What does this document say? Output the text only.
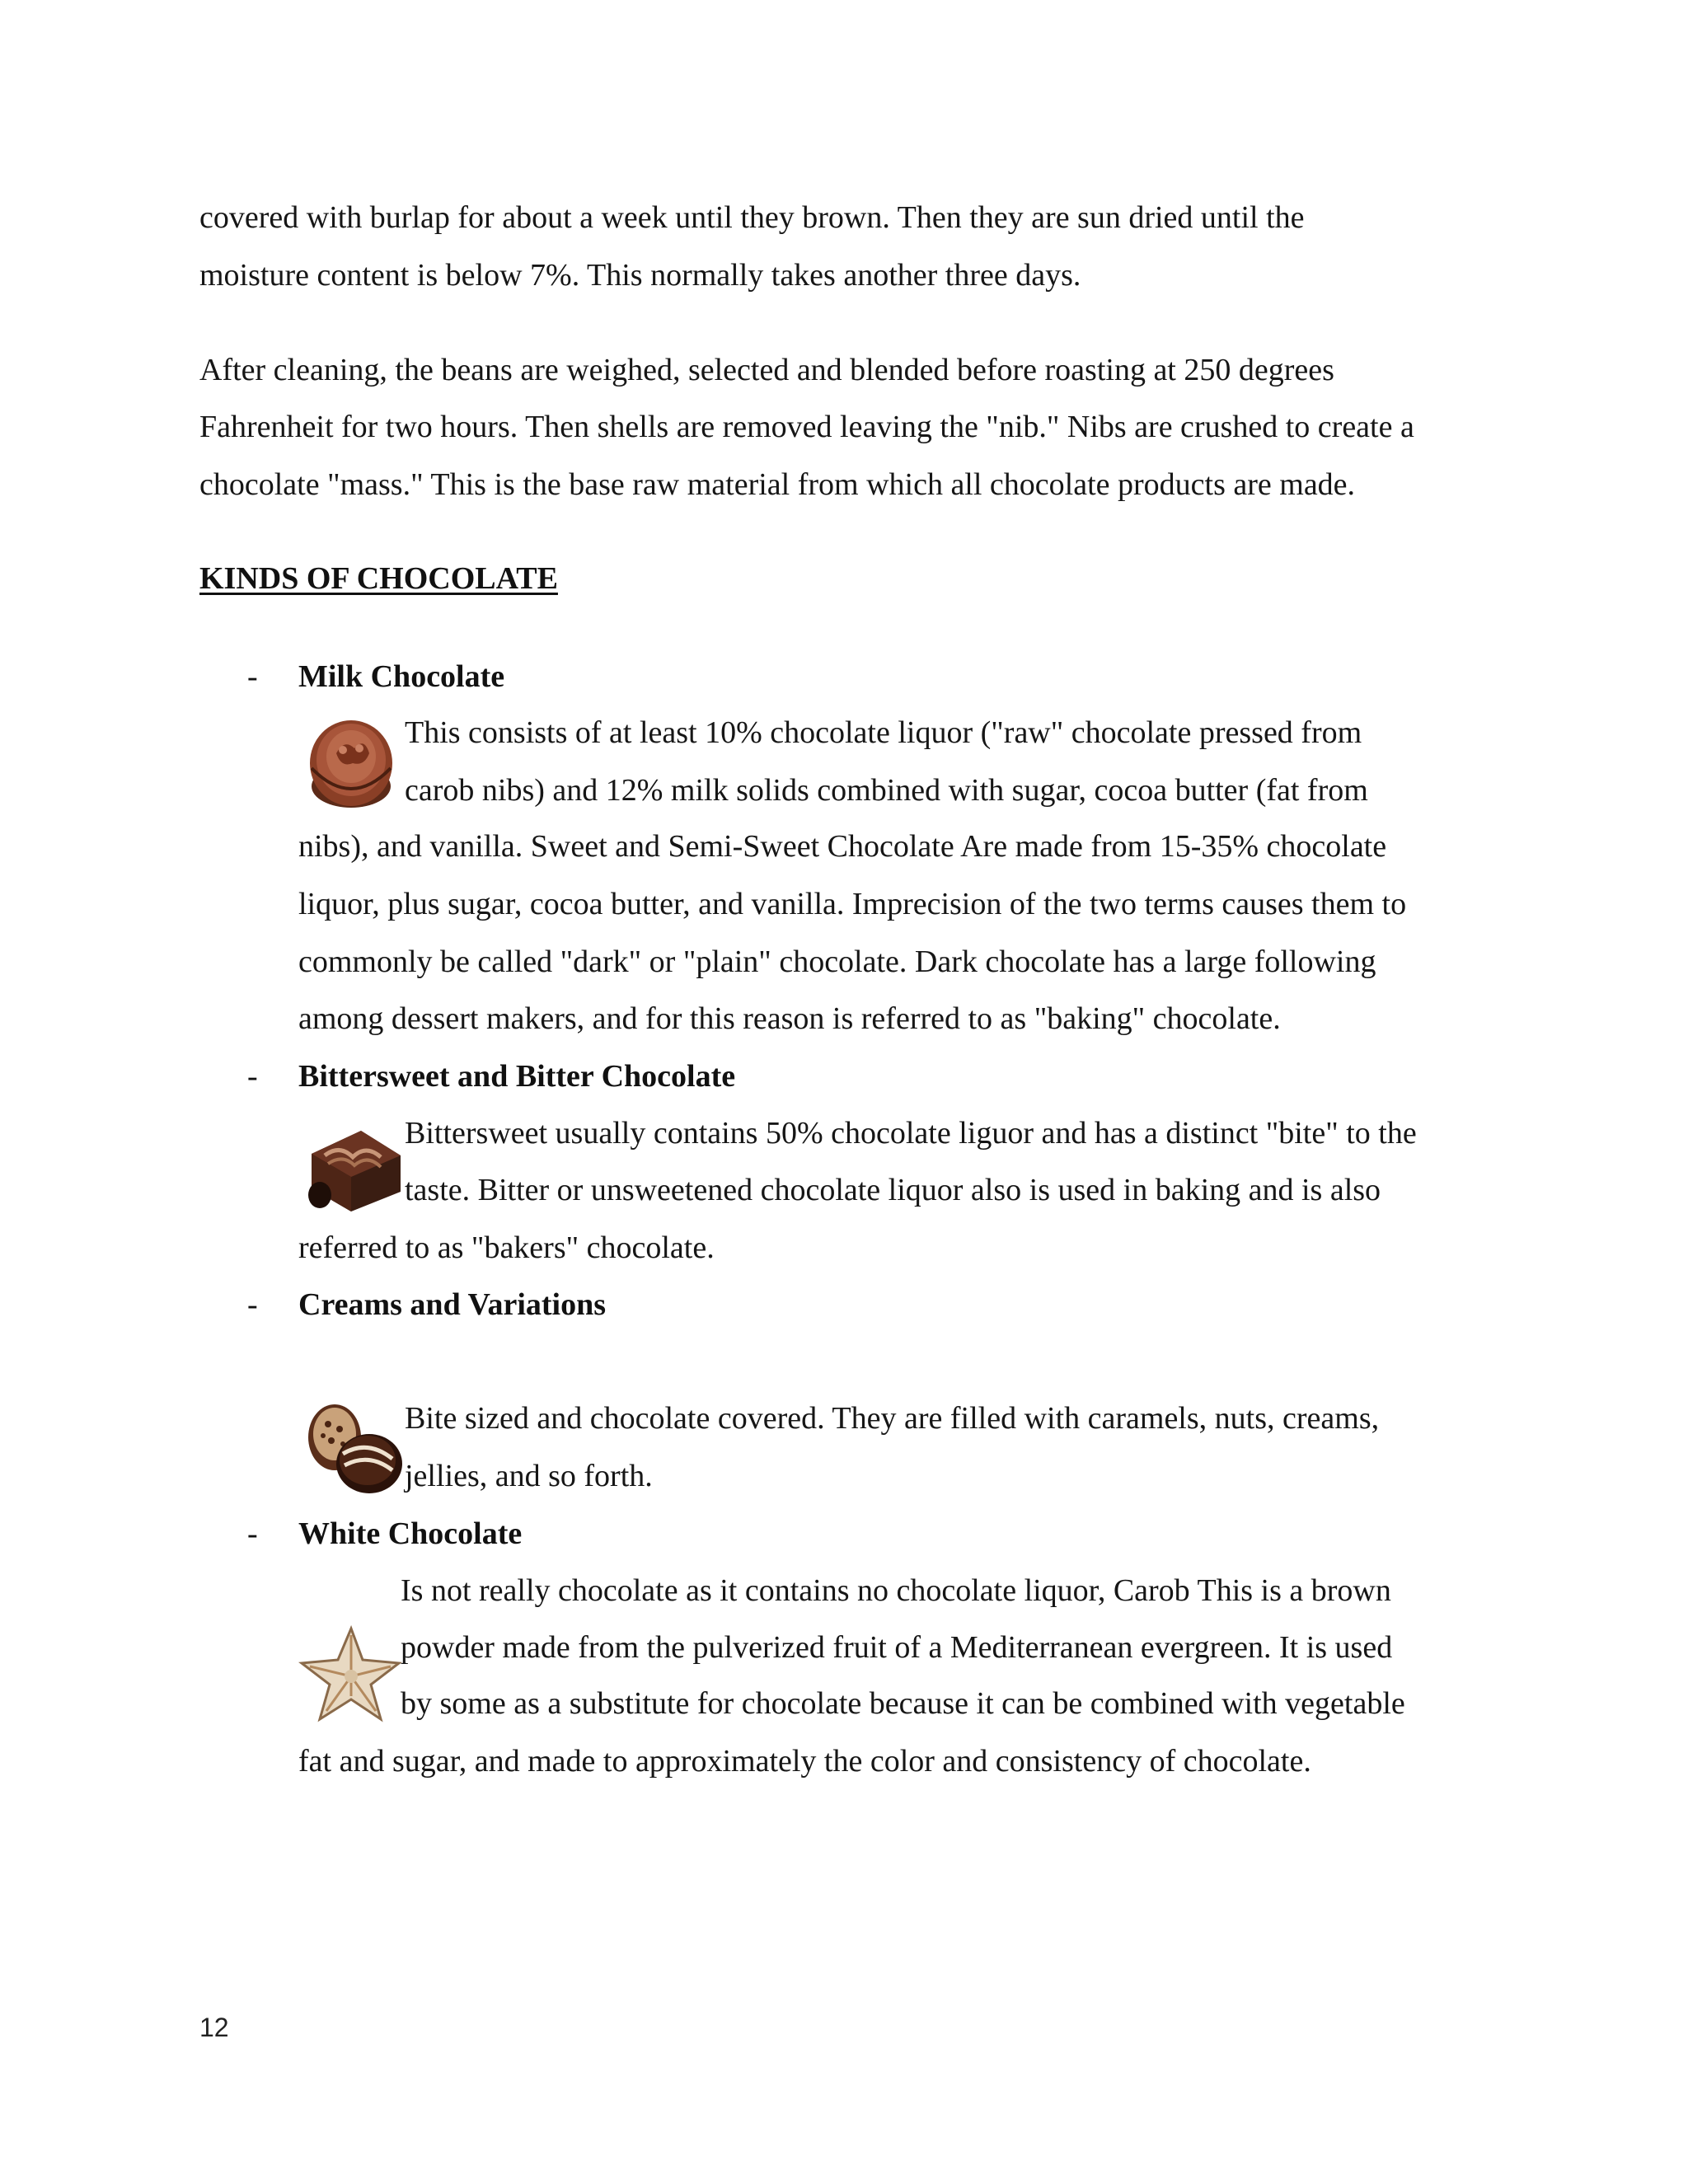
covered with burlap for about a week until they brown. Then they are sun dried until the
moisture content is below 7%. This normally takes another three days.
After cleaning, the beans are weighed, selected and blended before roasting at 250 degrees
Fahrenheit for two hours. Then shells are removed leaving the "nib." Nibs are crushed to create a
chocolate "mass." This is the base raw material from which all chocolate products are made.
KINDS OF CHOCOLATE
- Milk Chocolate
This consists of at least 10% chocolate liquor ("raw" chocolate pressed from
carob nibs) and 12% milk solids combined with sugar, cocoa butter (fat from
nibs), and vanilla. Sweet and Semi-Sweet Chocolate Are made from 15-35% chocolate
liquor, plus sugar, cocoa butter, and vanilla. Imprecision of the two terms causes them to
commonly be called "dark" or "plain" chocolate. Dark chocolate has a large following
among dessert makers, and for this reason is referred to as "baking" chocolate.
- Bittersweet and Bitter Chocolate
Bittersweet usually contains 50% chocolate liguor and has a distinct "bite" to the
taste. Bitter or unsweetened chocolate liquor also is used in baking and is also
referred to as "bakers" chocolate.
- Creams and Variations
Bite sized and chocolate covered. They are filled with caramels, nuts, creams,
jellies, and so forth.
- White Chocolate
Is not really chocolate as it contains no chocolate liquor, Carob This is a brown
powder made from the pulverized fruit of a Mediterranean evergreen. It is used
by some as a substitute for chocolate because it can be combined with vegetable
fat and sugar, and made to approximately the color and consistency of chocolate.
12
